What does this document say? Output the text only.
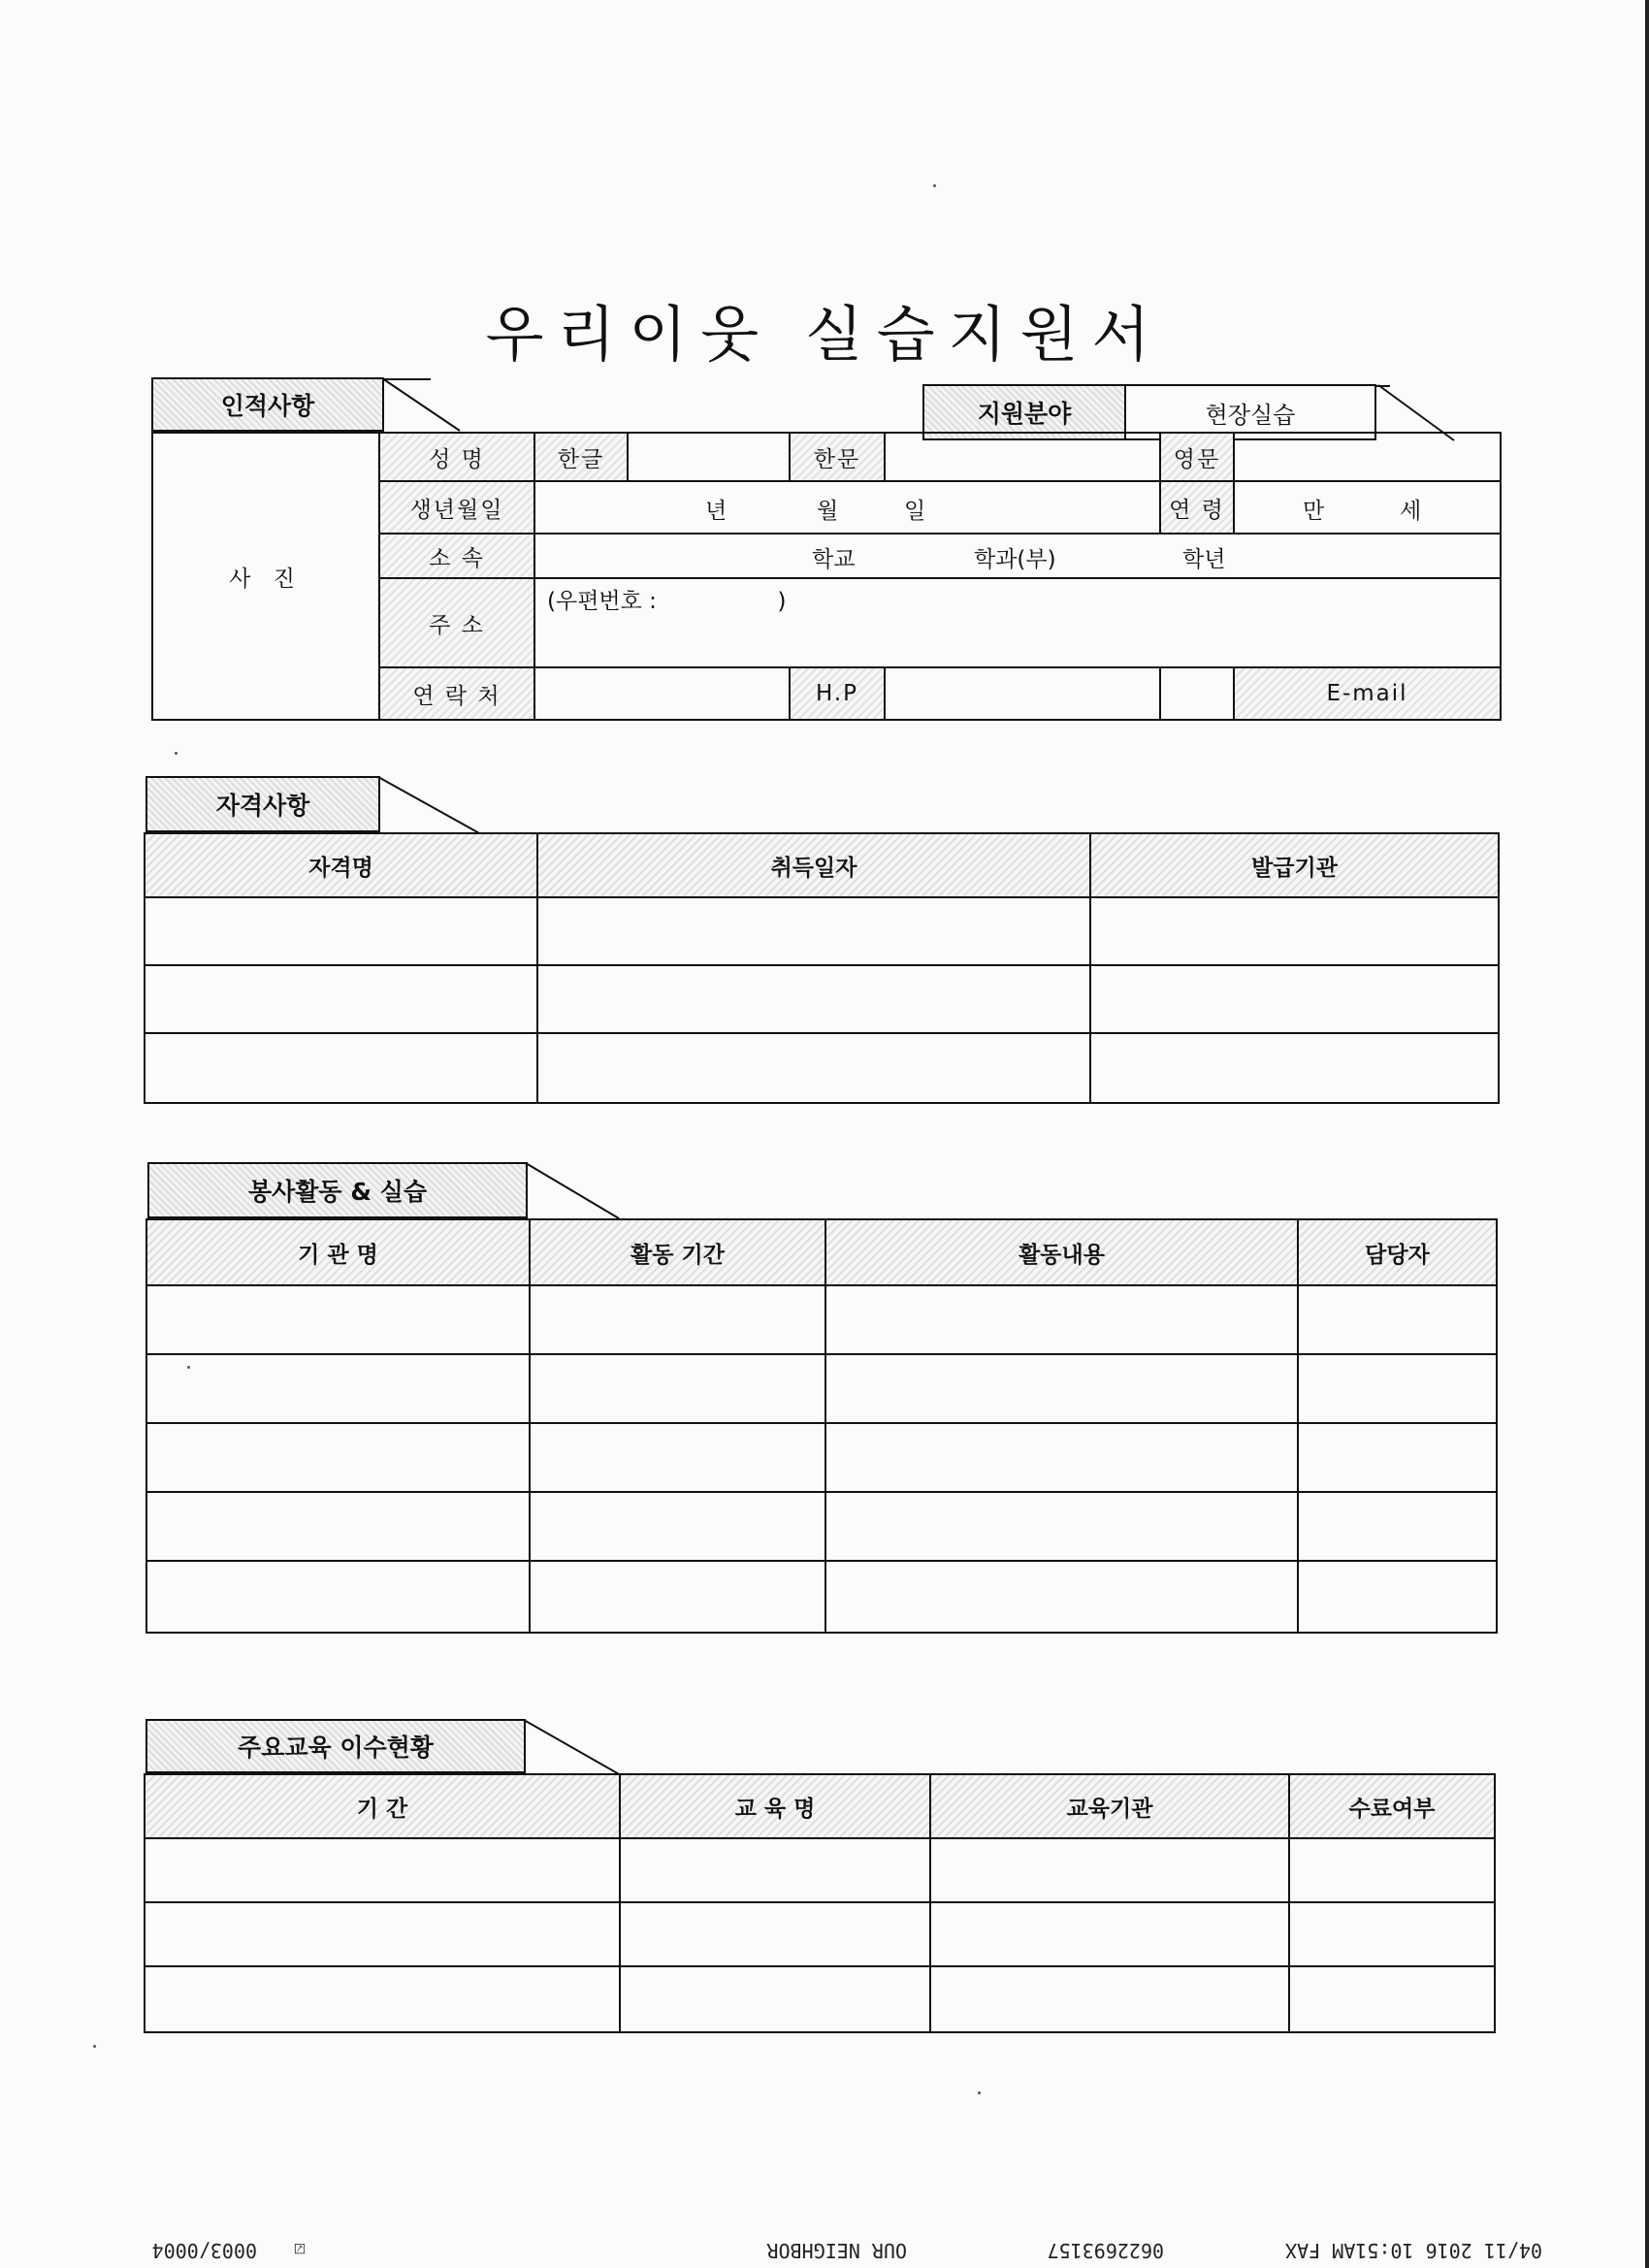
우리이웃 실습지원서
인적사항	지원분야	현장실습
사 진	성 명	한글		한문		영문		
	생년월일	년 월 일				연 령	만 세	

	소 속	학교 학과(부) 학년						

	주 소	(우편번호 : )						
	연 락 처			H.P			E-mail	
자격사항
자격명	취득일자	발급기관

봉사활동 & 실습
기 관 명	활동 기간	활동내용	담당자

주요교육 이수현황
기 간	교 육 명	교육기관	수료여부

04/11 2016 10:51AM FAX
0622693157
OUR NEIGHBOR
☑
0003/0004
